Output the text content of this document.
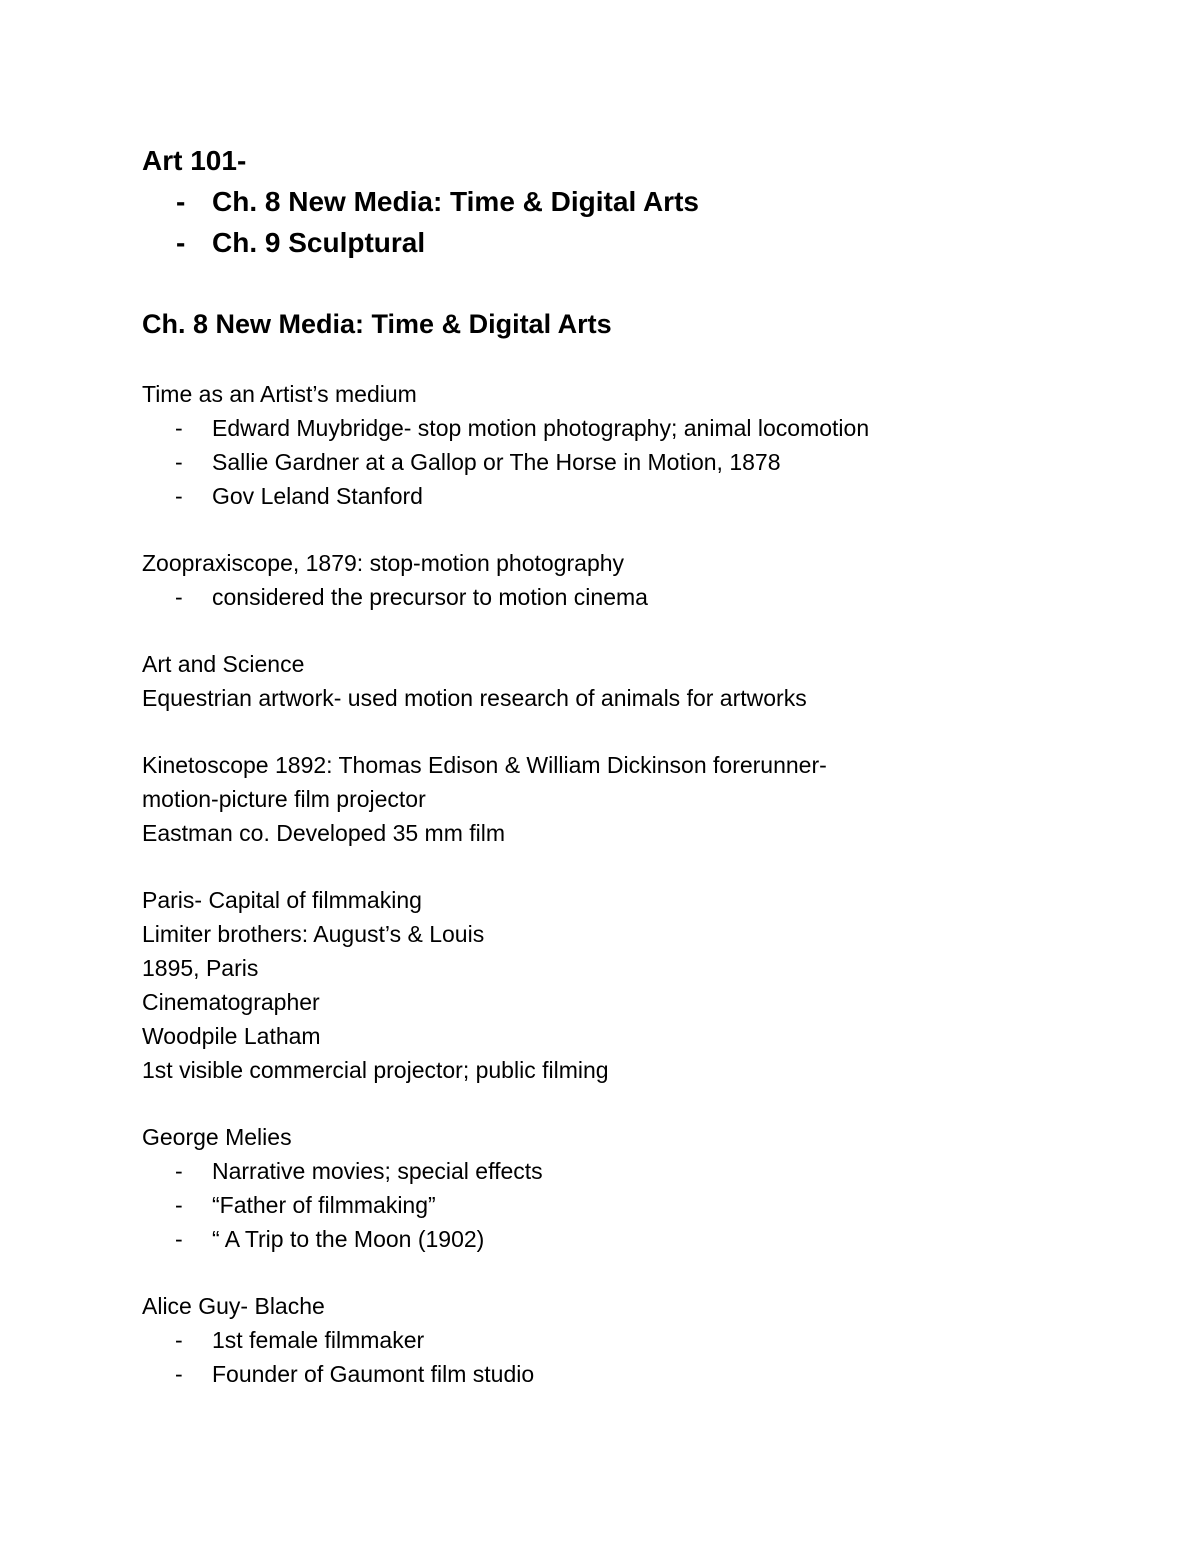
Art 101-
- Ch. 8 New Media: Time & Digital Arts
- Ch. 9 Sculptural
Ch. 8 New Media: Time & Digital Arts

Time as an Artist’s medium

- Edward Muybridge- stop motion photography; animal locomotion
- Sallie Gardner at a Gallop or The Horse in Motion, 1878
- Gov Leland Stanford

Zoopraxiscope, 1879: stop-motion photography

- considered the precursor to motion cinema

Art and Science

Equestrian artwork- used motion research of animals for artworks

Kinetoscope 1892: Thomas Edison & William Dickinson forerunner-

motion-picture film projector

Eastman co. Developed 35 mm film

Paris- Capital of filmmaking

Limiter brothers: August’s & Louis

1895, Paris

Cinematographer

Woodpile Latham

1st visible commercial projector; public filming

George Melies

- Narrative movies; special effects
- “Father of filmmaking”
- “ A Trip to the Moon (1902)

Alice Guy- Blache

- 1st female filmmaker
- Founder of Gaumont film studio
